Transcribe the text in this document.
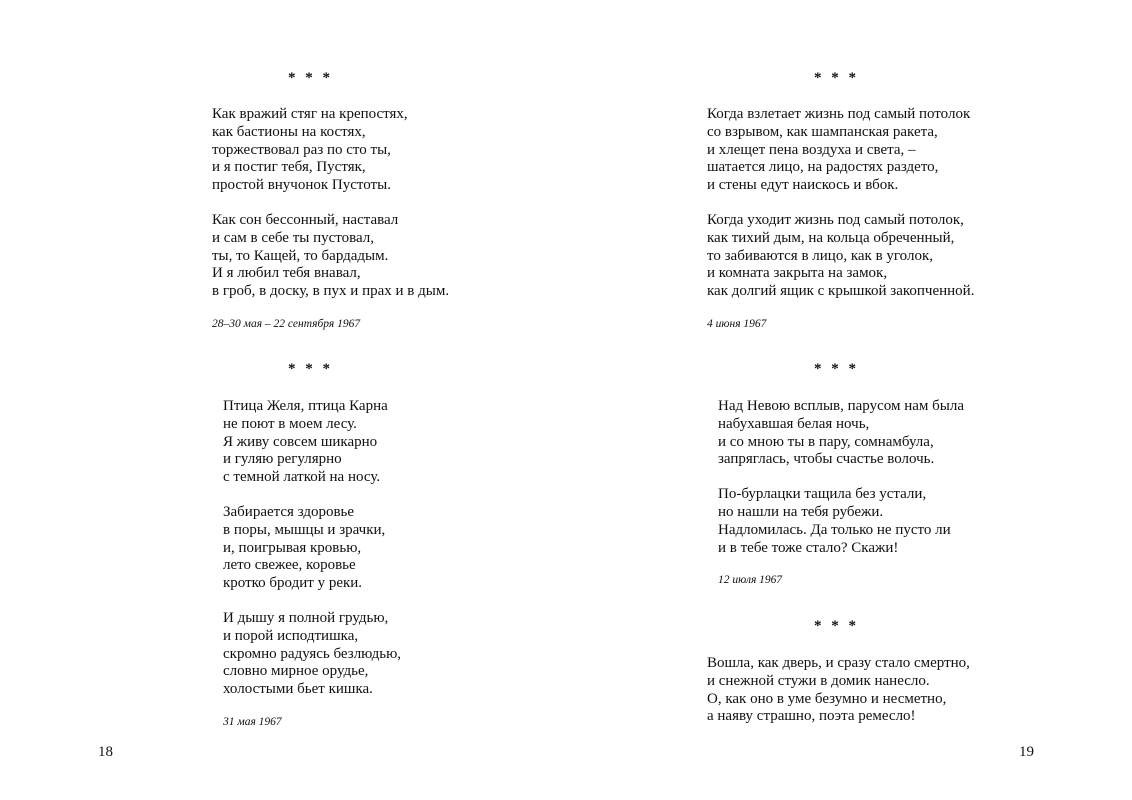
* * *
Как вражий стяг на крепостях,
как бастионы на костях,
торжествовал раз по сто ты,
и я постиг тебя, Пустяк,
простой внучонок Пустоты.
Как сон бессонный, наставал
и сам в себе ты пустовал,
ты, то Кащей, то бардадым.
И я любил тебя внавал,
в гроб, в доску, в пух и прах и в дым.
28–30 мая – 22 сентября 1967
* * *
Птица Желя, птица Карна
не поют в моем лесу.
Я живу совсем шикарно
и гуляю регулярно
с темной латкой на носу.
Забирается здоровье
в поры, мышцы и зрачки,
и, поигрывая кровью,
лето свежее, коровье
кротко бродит у реки.
И дышу я полной грудью,
и порой исподтишка,
скромно радуясь безлюдью,
словно мирное орудье,
холостыми бьет кишка.
31 мая 1967
18
* * *
Когда взлетает жизнь под самый потолок
со взрывом, как шампанская ракета,
и хлещет пена воздуха и света, –
шатается лицо, на радостях раздето,
и стены едут наискось и вбок.
Когда уходит жизнь под самый потолок,
как тихий дым, на кольца обреченный,
то забиваются в лицо, как в уголок,
и комната закрыта на замок,
как долгий ящик с крышкой закопченной.
4 июня 1967
* * *
Над Невою всплыв, парусом нам была
набухавшая белая ночь,
и со мною ты в пару, сомнамбула,
запряглась, чтобы счастье волочь.
По-бурлацки тащила без устали,
но нашли на тебя рубежи.
Надломилась. Да только не пусто ли
и в тебе тоже стало? Скажи!
12 июля 1967
* * *
Вошла, как дверь, и сразу стало смертно,
и снежной стужи в домик нанесло.
О, как оно в уме безумно и несметно,
а наяву страшно, поэта ремесло!
19
